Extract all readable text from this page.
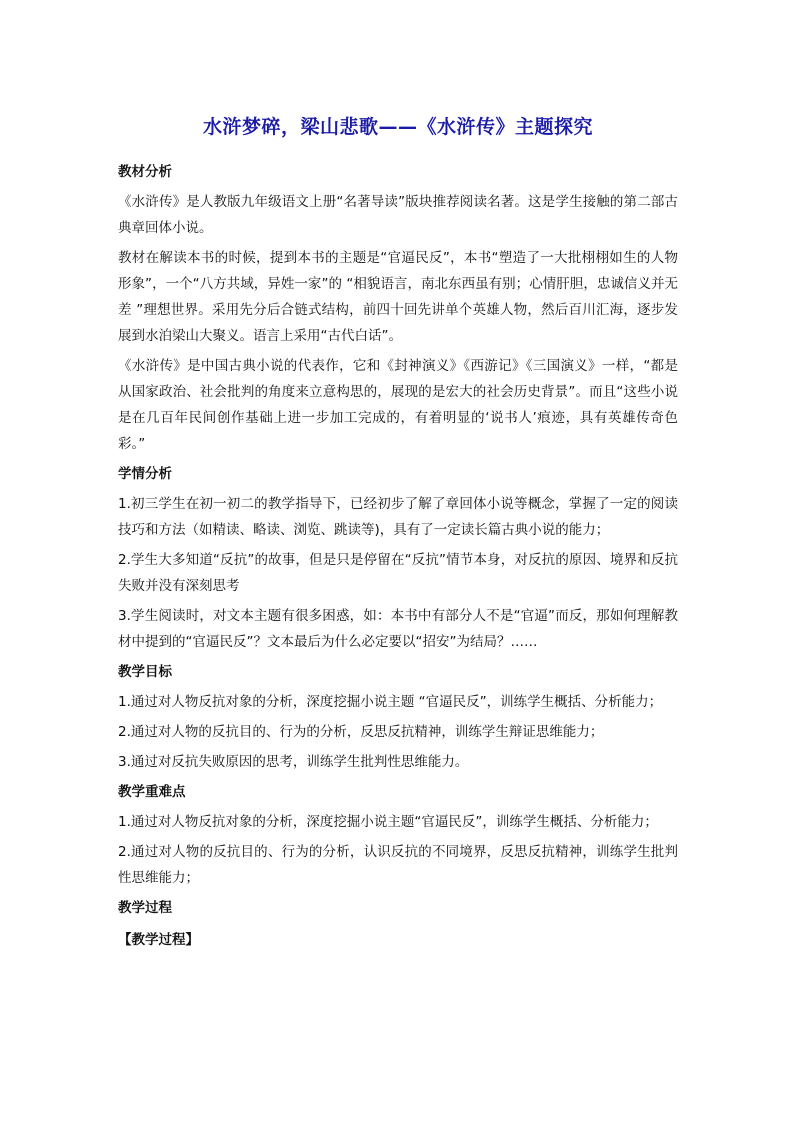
水浒梦碎，梁山悲歌——《水浒传》主题探究
教材分析

《水浒传》是人教版九年级语文上册“名著导读”版块推荐阅读名著。这是学生接触的第二部古典章回体小说。

教材在解读本书的时候，提到本书的主题是“官逼民反”，本书“塑造了一大批栩栩如生的人物形象”，一个“八方共域，异姓一家”的 “相貌语言，南北东西虽有别；心情肝胆，忠诚信义并无差 ”理想世界。采用先分后合链式结构，前四十回先讲单个英雄人物，然后百川汇海，逐步发展到水泊梁山大聚义。语言上采用“古代白话”。

《水浒传》是中国古典小说的代表作，它和《封神演义》《西游记》《三国演义》一样，“都是从国家政治、社会批判的角度来立意构思的，展现的是宏大的社会历史背景”。而且“这些小说是在几百年民间创作基础上进一步加工完成的，有着明显的‘说书人’痕迹，具有英雄传奇色彩。”

学情分析

1.初三学生在初一初二的教学指导下，已经初步了解了章回体小说等概念，掌握了一定的阅读技巧和方法（如精读、略读、浏览、跳读等)，具有了一定读长篇古典小说的能力；

2.学生大多知道“反抗”的故事，但是只是停留在“反抗”情节本身，对反抗的原因、境界和反抗失败并没有深刻思考

3.学生阅读时，对文本主题有很多困惑，如：本书中有部分人不是“官逼”而反，那如何理解教材中提到的“官逼民反”？文本最后为什么必定要以“招安”为结局？……

教学目标

1.通过对人物反抗对象的分析，深度挖掘小说主题 “官逼民反”，训练学生概括、分析能力；

2.通过对人物的反抗目的、行为的分析，反思反抗精神，训练学生辩证思维能力；

3.通过对反抗失败原因的思考，训练学生批判性思维能力。

教学重难点

1.通过对人物反抗对象的分析，深度挖掘小说主题“官逼民反”，训练学生概括、分析能力；

2.通过对人物的反抗目的、行为的分析，认识反抗的不同境界，反思反抗精神，训练学生批判性思维能力；

教学过程
【教学过程】
